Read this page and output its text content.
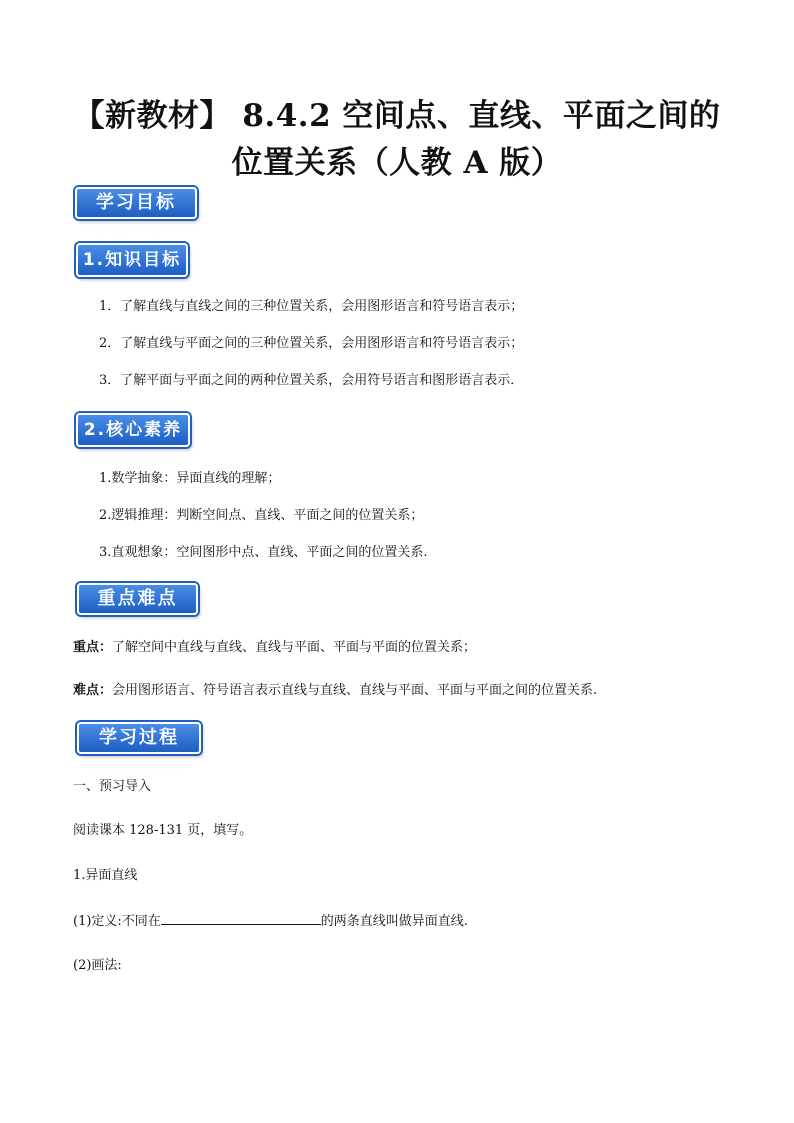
【新教材】 8.4.2 空间点、直线、平面之间的
位置关系（人教 A 版）
学习目标
1.知识目标
1．了解直线与直线之间的三种位置关系，会用图形语言和符号语言表示；
2．了解直线与平面之间的三种位置关系，会用图形语言和符号语言表示；
3．了解平面与平面之间的两种位置关系，会用符号语言和图形语言表示．
2.核心素养
1.数学抽象：异面直线的理解；
2.逻辑推理：判断空间点、直线、平面之间的位置关系；
3.直观想象：空间图形中点、直线、平面之间的位置关系.
重点难点
重点：了解空间中直线与直线、直线与平面、平面与平面的位置关系；
难点：会用图形语言、符号语言表示直线与直线、直线与平面、平面与平面之间的位置关系.
学习过程
一、预习导入
阅读课本 128-131 页，填写。
1.异面直线
(1)定义:不同在	的两条直线叫做异面直线.
(2)画法:
